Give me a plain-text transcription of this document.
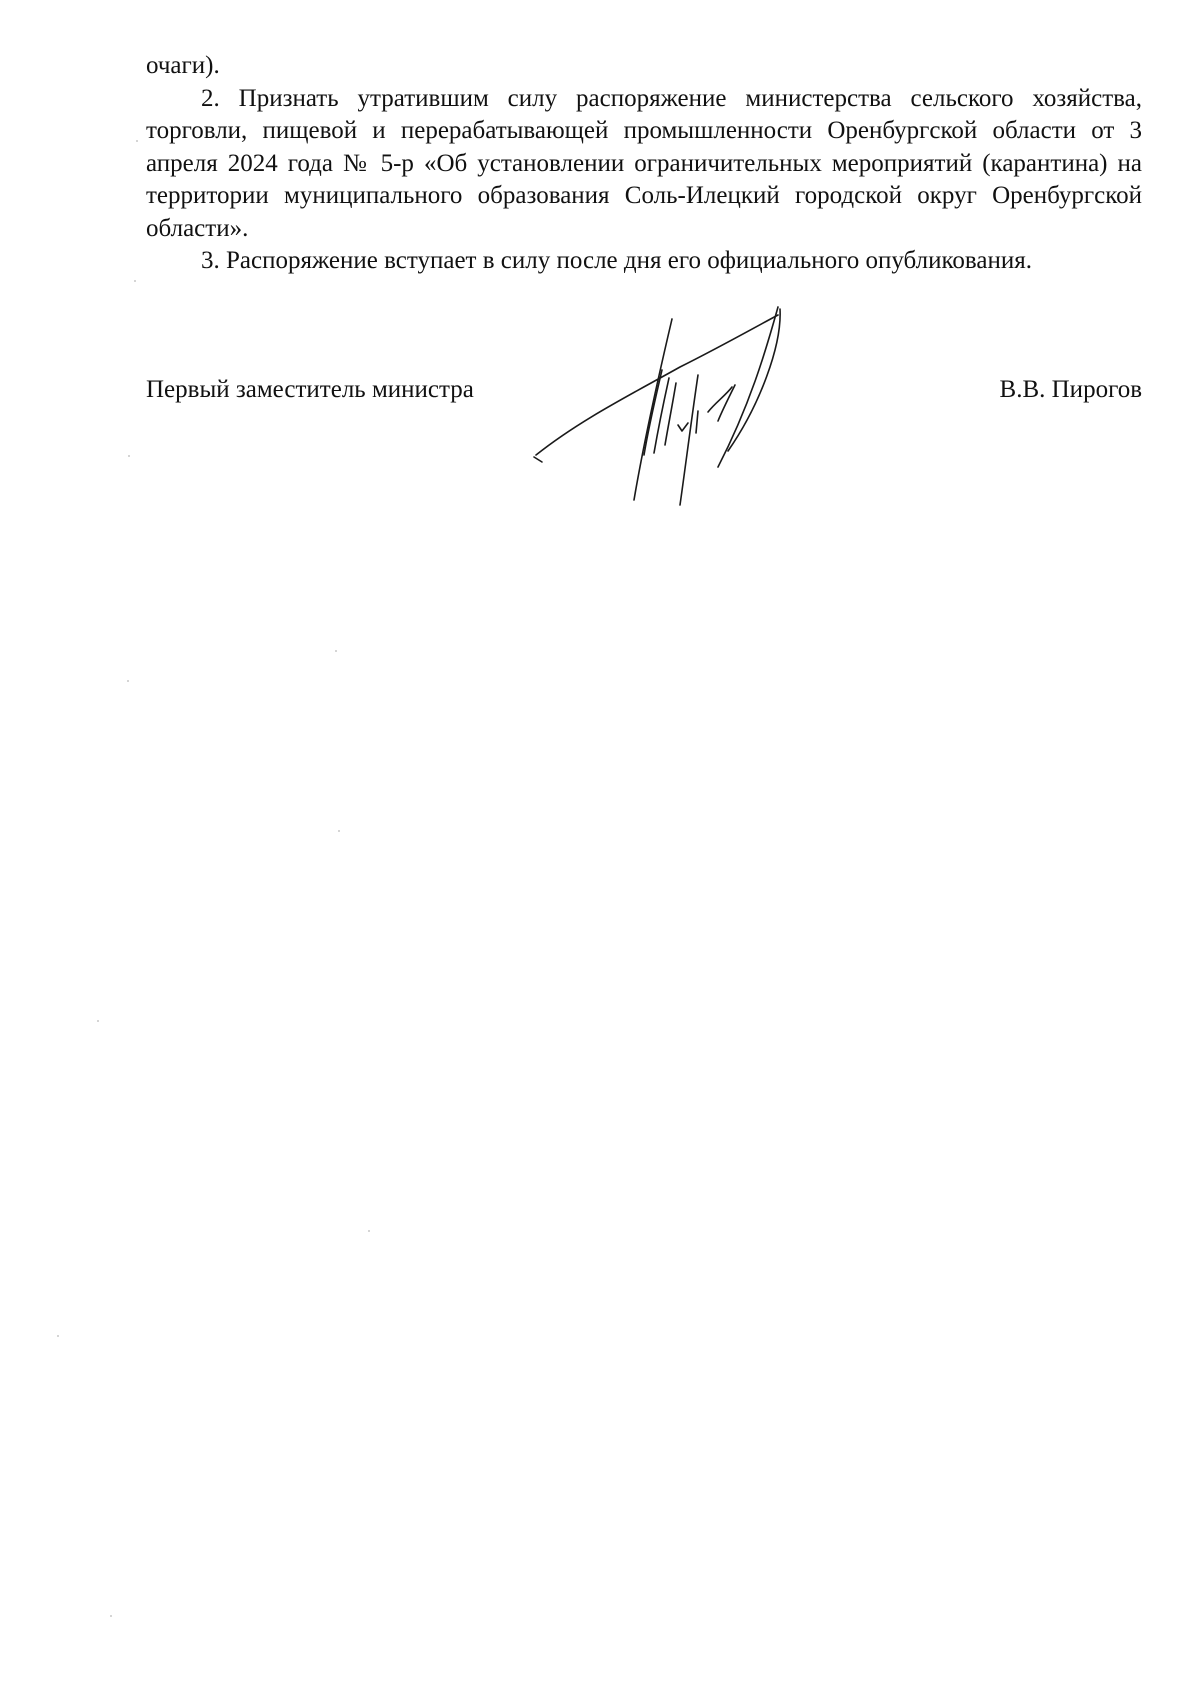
очаги).

2. Признать утратившим силу распоряжение министерства сельского хозяйства, торговли, пищевой и перерабатывающей промышленности Оренбургской области от 3 апреля 2024 года № 5-р «Об установлении ограничительных мероприятий (карантина) на территории муниципального образования Соль-Илецкий городской округ Оренбургской области».

3. Распоряжение вступает в силу после дня его официального опубликования.

Первый заместитель министра	В.В. Пирогов
